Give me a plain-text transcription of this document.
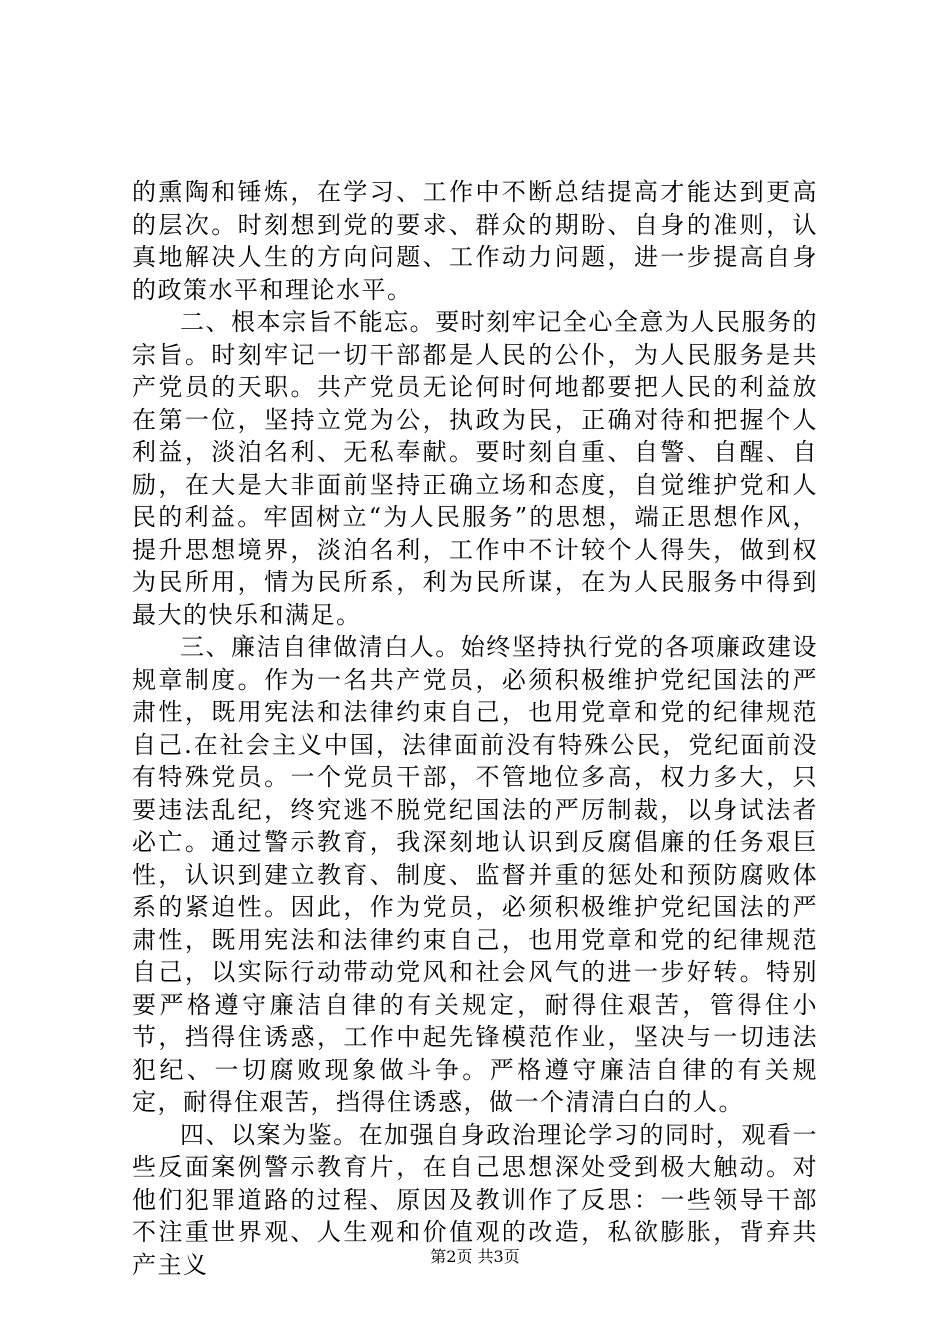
的熏陶和锤炼，在学习、工作中不断总结提高才能达到更高的层次。时刻想到党的要求、群众的期盼、自身的准则，认真地解决人生的方向问题、工作动力问题，进一步提高自身的政策水平和理论水平。

二、根本宗旨不能忘。要时刻牢记全心全意为人民服务的宗旨。时刻牢记一切干部都是人民的公仆，为人民服务是共产党员的天职。共产党员无论何时何地都要把人民的利益放在第一位，坚持立党为公，执政为民，正确对待和把握个人利益，淡泊名利、无私奉献。要时刻自重、自警、自醒、自励，在大是大非面前坚持正确立场和态度，自觉维护党和人民的利益。牢固树立“为人民服务”的思想，端正思想作风，提升思想境界，淡泊名利，工作中不计较个人得失，做到权为民所用，情为民所系，利为民所谋，在为人民服务中得到最大的快乐和满足。

三、廉洁自律做清白人。始终坚持执行党的各项廉政建设规章制度。作为一名共产党员，必须积极维护党纪国法的严肃性，既用宪法和法律约束自己，也用党章和党的纪律规范自己.在社会主义中国，法律面前没有特殊公民，党纪面前没有特殊党员。一个党员干部，不管地位多高，权力多大，只要违法乱纪，终究逃不脱党纪国法的严厉制裁，以身试法者必亡。通过警示教育，我深刻地认识到反腐倡廉的任务艰巨性，认识到建立教育、制度、监督并重的惩处和预防腐败体系的紧迫性。因此，作为党员，必须积极维护党纪国法的严肃性，既用宪法和法律约束自己，也用党章和党的纪律规范自己，以实际行动带动党风和社会风气的进一步好转。特别要严格遵守廉洁自律的有关规定，耐得住艰苦，管得住小节，挡得住诱惑，工作中起先锋模范作业，坚决与一切违法犯纪、一切腐败现象做斗争。严格遵守廉洁自律的有关规定，耐得住艰苦，挡得住诱惑，做一个清清白白的人。

四、以案为鉴。在加强自身政治理论学习的同时，观看一些反面案例警示教育片，在自己思想深处受到极大触动。对他们犯罪道路的过程、原因及教训作了反思：一些领导干部不注重世界观、人生观和价值观的改造，私欲膨胀，背弃共产主义	第2页 共3页
